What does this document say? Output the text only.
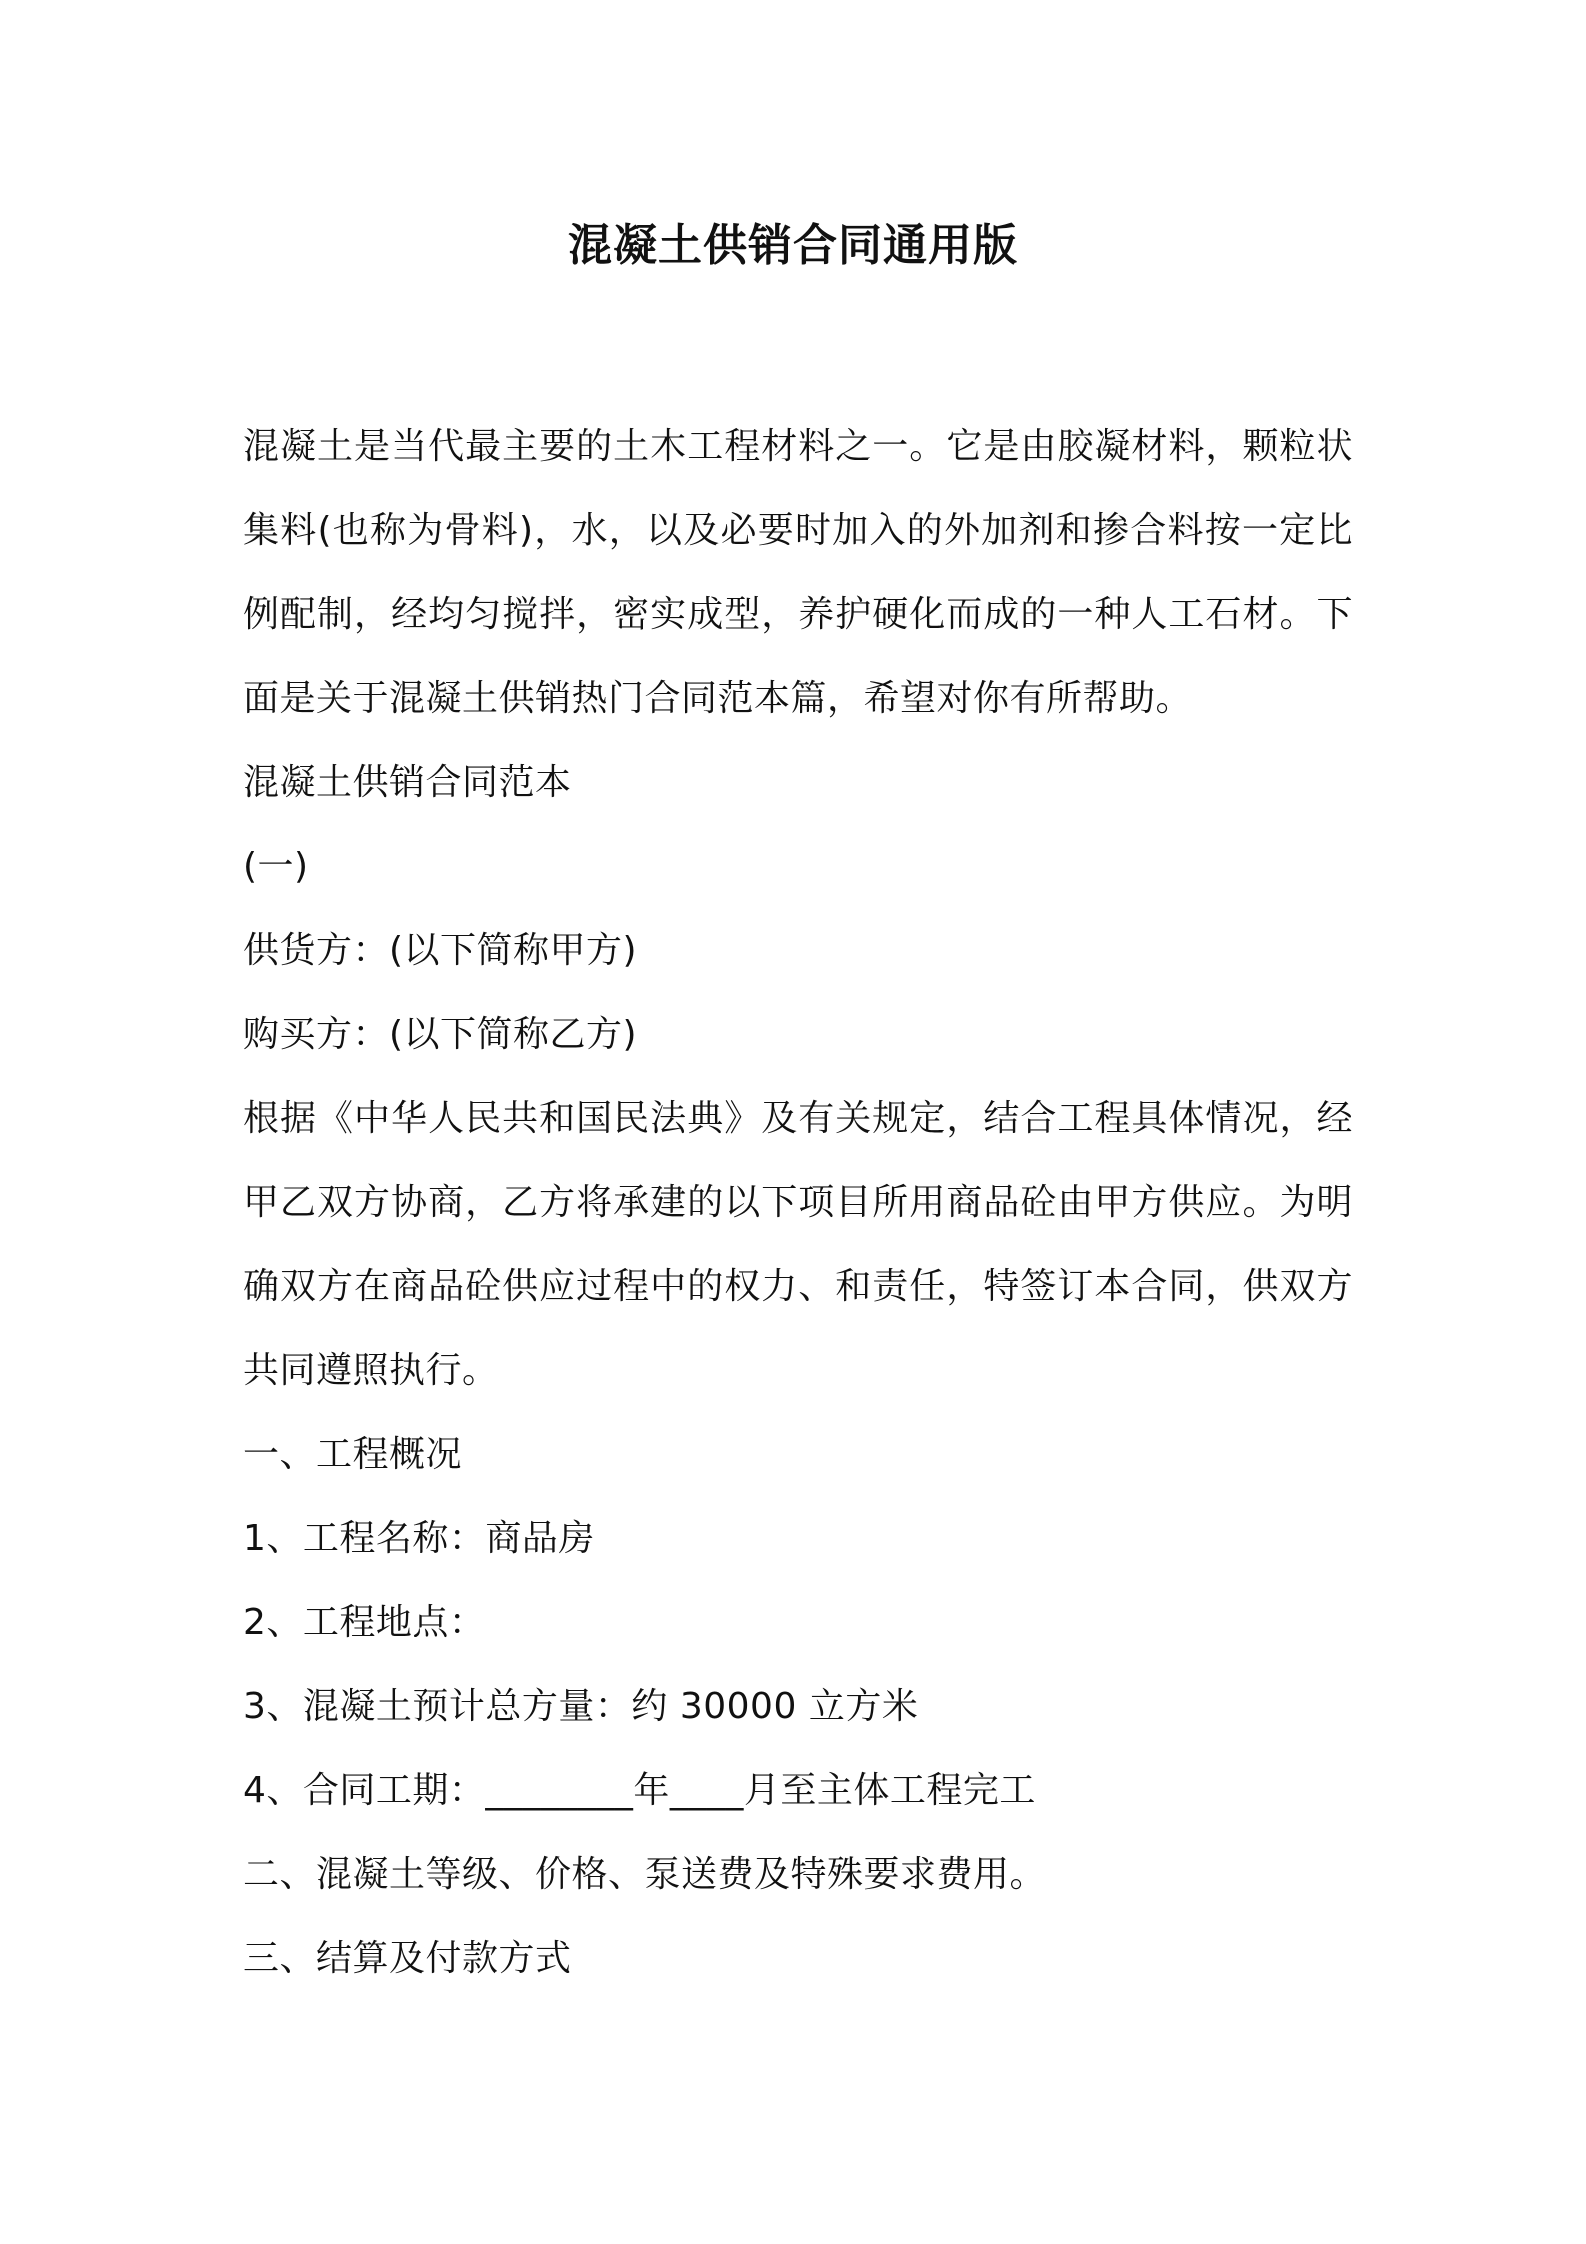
混凝土供销合同通用版

混凝土是当代最主要的土木工程材料之一。它是由胶凝材料，颗粒状集料(也称为骨料)，水，以及必要时加入的外加剂和掺合料按一定比例配制，经均匀搅拌，密实成型，养护硬化而成的一种人工石材。下面是关于混凝土供销热门合同范本篇，希望对你有所帮助。

混凝土供销合同范本

(一)

供货方：(以下简称甲方)

购买方：(以下简称乙方)

根据《中华人民共和国民法典》及有关规定，结合工程具体情况，经甲乙双方协商，乙方将承建的以下项目所用商品砼由甲方供应。为明确双方在商品砼供应过程中的权力、和责任，特签订本合同，供双方共同遵照执行。

一、工程概况

1、工程名称：商品房

2、工程地点：

3、混凝土预计总方量：约 30000 立方米

4、合同工期：________年____月至主体工程完工

二、混凝土等级、价格、泵送费及特殊要求费用。

三、结算及付款方式
